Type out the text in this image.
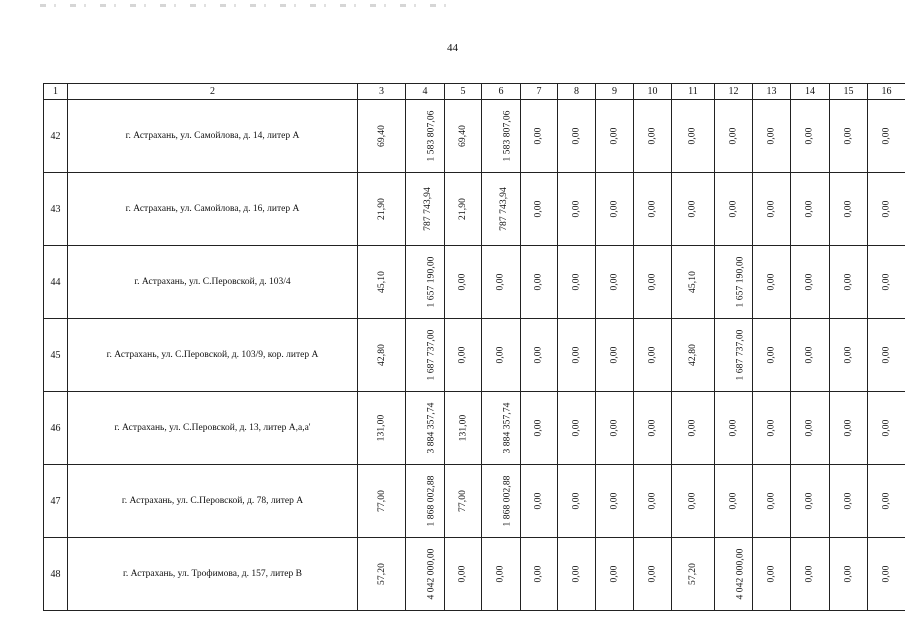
44
1	2	3	4	5	6	7	8	9	10	11	12	13	14	15	16
42	г. Астрахань, ул. Самойлова, д. 14, литер А	69,40	1 583 807,06	69,40	1 583 807,06	0,00	0,00	0,00	0,00	0,00	0,00	0,00	0,00	0,00	0,00
43	г. Астрахань, ул. Самойлова, д. 16, литер А	21,90	787 743,94	21,90	787 743,94	0,00	0,00	0,00	0,00	0,00	0,00	0,00	0,00	0,00	0,00
44	г. Астрахань, ул. С.Перовской, д. 103/4	45,10	1 657 190,00	0,00	0,00	0,00	0,00	0,00	0,00	45,10	1 657 190,00	0,00	0,00	0,00	0,00
45	г. Астрахань, ул. С.Перовской, д. 103/9, кор. литер А	42,80	1 687 737,00	0,00	0,00	0,00	0,00	0,00	0,00	42,80	1 687 737,00	0,00	0,00	0,00	0,00
46	г. Астрахань, ул. С.Перовской, д. 13, литер А,а,а'	131,00	3 884 357,74	131,00	3 884 357,74	0,00	0,00	0,00	0,00	0,00	0,00	0,00	0,00	0,00	0,00
47	г. Астрахань, ул. С.Перовской, д. 78, литер А	77,00	1 868 002,88	77,00	1 868 002,88	0,00	0,00	0,00	0,00	0,00	0,00	0,00	0,00	0,00	0,00
48	г. Астрахань, ул. Трофимова, д. 157, литер В	57,20	4 042 000,00	0,00	0,00	0,00	0,00	0,00	0,00	57,20	4 042 000,00	0,00	0,00	0,00	0,00
